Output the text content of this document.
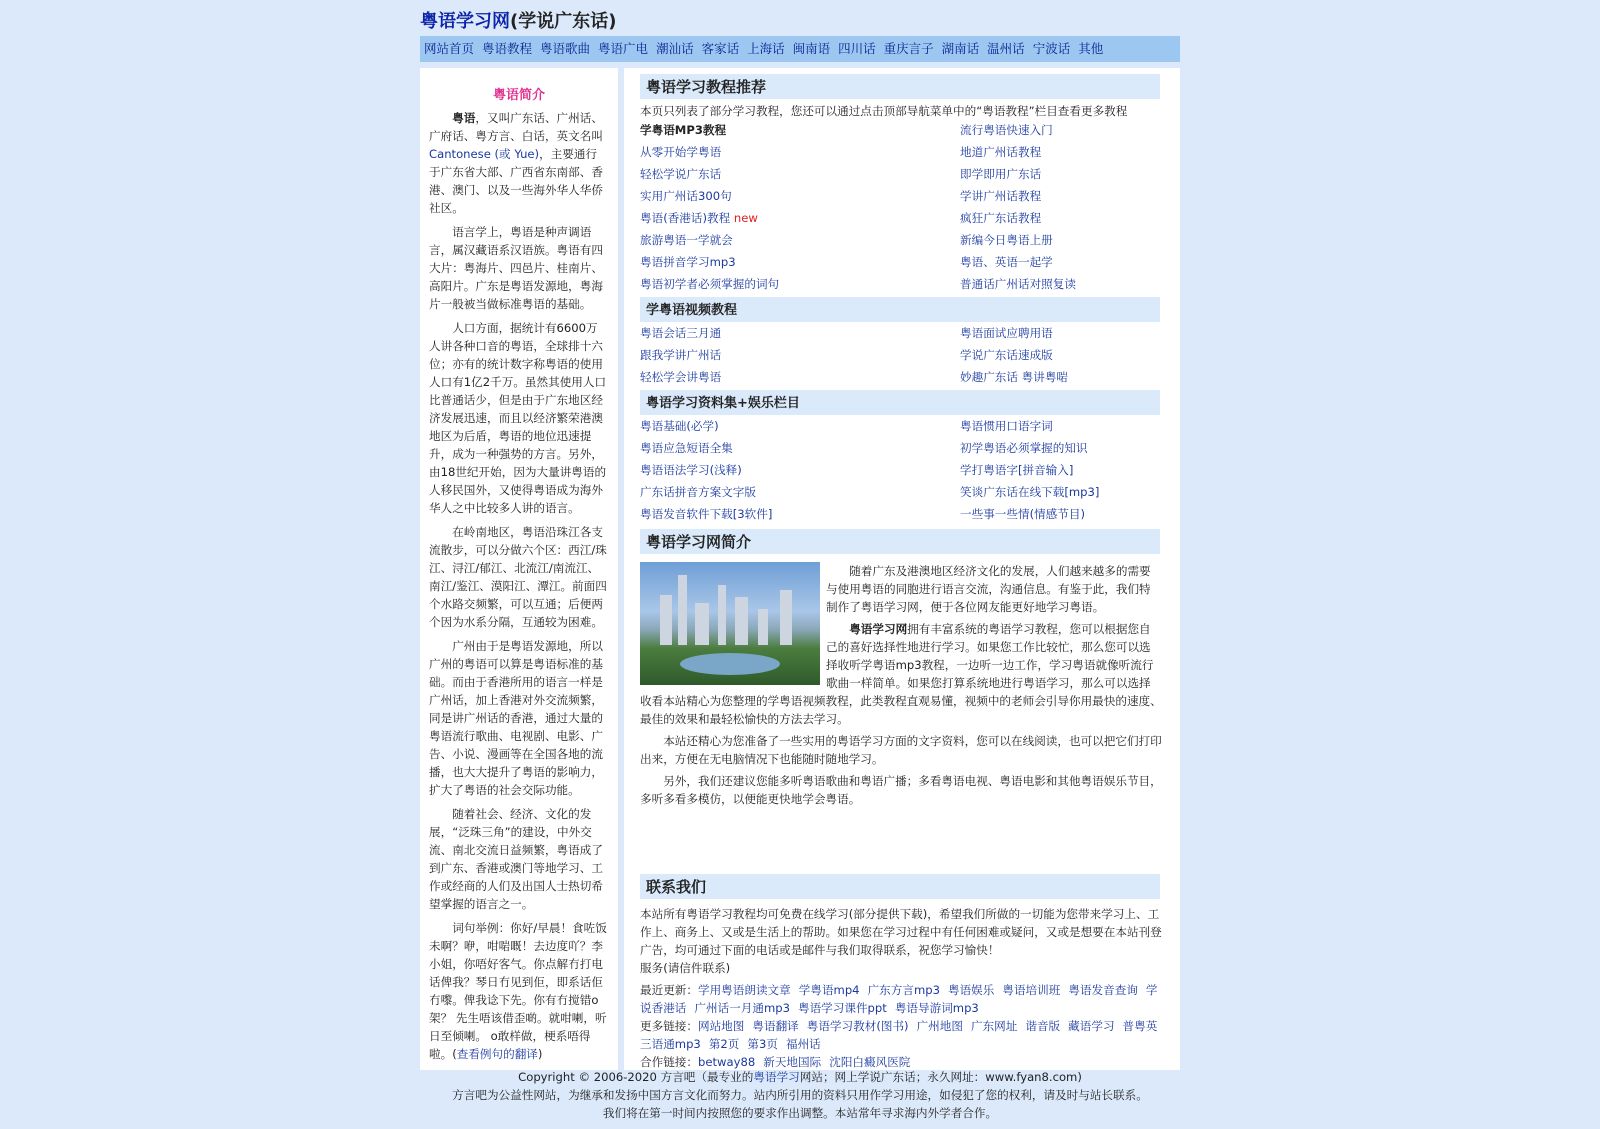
粤语学习网(学说广东话)
网站首页 粤语教程 粤语歌曲 粤语广电 潮汕话 客家话 上海话 闽南语 四川话 重庆言子 湖南话 温州话 宁波话 其他
粤语简介

粤语，又叫广东话、广州话、广府话、粤方言、白话，英文名叫Cantonese (或 Yue)，主要通行于广东省大部、广西省东南部、香港、澳门、以及一些海外华人华侨社区。

语言学上，粤语是种声调语言，属汉藏语系汉语族。粤语有四大片：粤海片、四邑片、桂南片、高阳片。广东是粤语发源地，粤海片一般被当做标准粤语的基础。

人口方面，据统计有6600万人讲各种口音的粤语，全球排十六位；亦有的统计数字称粤语的使用人口有1亿2千万。虽然其使用人口比普通话少，但是由于广东地区经济发展迅速，而且以经济繁荣港澳地区为后盾，粤语的地位迅速提升，成为一种强势的方言。另外，由18世纪开始，因为大量讲粤语的人移民国外，又使得粤语成为海外华人之中比较多人讲的语言。

在岭南地区，粤语沿珠江各支流散步，可以分做六个区：西江/珠江、浔江/郁江、北流江/南流江、南江/鉴江、漠阳江、潭江。前面四个水路交频繁，可以互通；后便两个因为水系分隔，互通较为困难。

广州由于是粤语发源地，所以广州的粤语可以算是粤语标准的基础。而由于香港所用的语言一样是广州话，加上香港对外交流频繁，同是讲广州话的香港，通过大量的粤语流行歌曲、电视剧、电影、广告、小说、漫画等在全国各地的流播，也大大提升了粤语的影响力，扩大了粤语的社会交际功能。

随着社会、经济、文化的发展，“泛珠三角”的建设，中外交流、南北交流日益频繁，粤语成了到广东、香港或澳门等地学习、工作或经商的人们及出国人士热切希望掌握的语言之一。

词句举例：你好/早晨！食咗饭未啊？咿，咁啱嘅！去边度吖？李小姐，你唔好客气。你点解冇打电话俾我？琴日冇见到佢，即系话佢冇嚟。俾我谂下先。你有冇搅错o架？ 先生唔该借歪啲。就咁喇，听日至倾喇。 o敢样做，梗系唔得啦。(查看例句的翻译)

粤语学习教程推荐
本页只列表了部分学习教程，您还可以通过点击顶部导航菜单中的“粤语教程”栏目查看更多教程
学粤语MP3教程	流行粤语快速入门
从零开始学粤语	地道广州话教程
轻松学说广东话	即学即用广东话
实用广州话300句	学讲广州话教程
粤语(香港话)教程 new	疯狂广东话教程
旅游粤语一学就会	新编今日粤语上册
粤语拼音学习mp3	粤语、英语一起学
粤语初学者必须掌握的词句	普通话广州话对照复读
学粤语视频教程
粤语会话三月通	粤语面试应聘用语
跟我学讲广州话	学说广东话速成版
轻松学会讲粤语	妙趣广东话 粤讲粤啱
粤语学习资料集+娱乐栏目
粤语基础(必学)	粤语惯用口语字词
粤语应急短语全集	初学粤语必须掌握的知识
粤语语法学习(浅释)	学打粤语字[拼音输入]
广东话拼音方案文字版	笑谈广东话在线下载[mp3]
粤语发音软件下载[3软件]	一些事一些情(情感节目)
粤语学习网简介

随着广东及港澳地区经济文化的发展，人们越来越多的需要与使用粤语的同胞进行语言交流，沟通信息。有鉴于此，我们特制作了粤语学习网，便于各位网友能更好地学习粤语。

粤语学习网拥有丰富系统的粤语学习教程，您可以根据您自己的喜好选择性地进行学习。如果您工作比较忙，那么您可以选择收听学粤语mp3教程，一边听一边工作，学习粤语就像听流行歌曲一样简单。如果您打算系统地进行粤语学习，那么可以选择收看本站精心为您整理的学粤语视频教程，此类教程直观易懂，视频中的老师会引导你用最快的速度、最佳的效果和最轻松愉快的方法去学习。

本站还精心为您准备了一些实用的粤语学习方面的文字资料，您可以在线阅读，也可以把它们打印出来，方便在无电脑情况下也能随时随地学习。

另外，我们还建议您能多听粤语歌曲和粤语广播；多看粤语电视、粤语电影和其他粤语娱乐节目，多听多看多模仿，以便能更快地学会粤语。

联系我们
本站所有粤语学习教程均可免费在线学习(部分提供下载)，希望我们所做的一切能为您带来学习上、工作上、商务上、又或是生活上的帮助。如果您在学习过程中有任何困难或疑问，又或是想要在本站刊登广告，均可通过下面的电话或是邮件与我们取得联系，祝您学习愉快！
服务(请信件联系)
最近更新：学用粤语朗读文章 学粤语mp4 广东方言mp3 粤语娱乐 粤语培训班 粤语发音查询 学说香港话 广州话一月通mp3 粤语学习课件ppt 粤语导游词mp3
更多链接：网站地图 粤语翻译 粤语学习教材(图书) 广州地图 广东网址 谐音版 藏语学习 普粤英三语通mp3 第2页 第3页 福州话
合作链接：betway88 新天地国际 沈阳白癜风医院
Copyright © 2006-2020 方言吧（最专业的粤语学习网站；网上学说广东话；永久网址：www.fyan8.com)
方言吧为公益性网站，为继承和发扬中国方言文化而努力。站内所引用的资料只用作学习用途，如侵犯了您的权利，请及时与站长联系。
我们将在第一时间内按照您的要求作出调整。本站常年寻求海内外学者合作。
